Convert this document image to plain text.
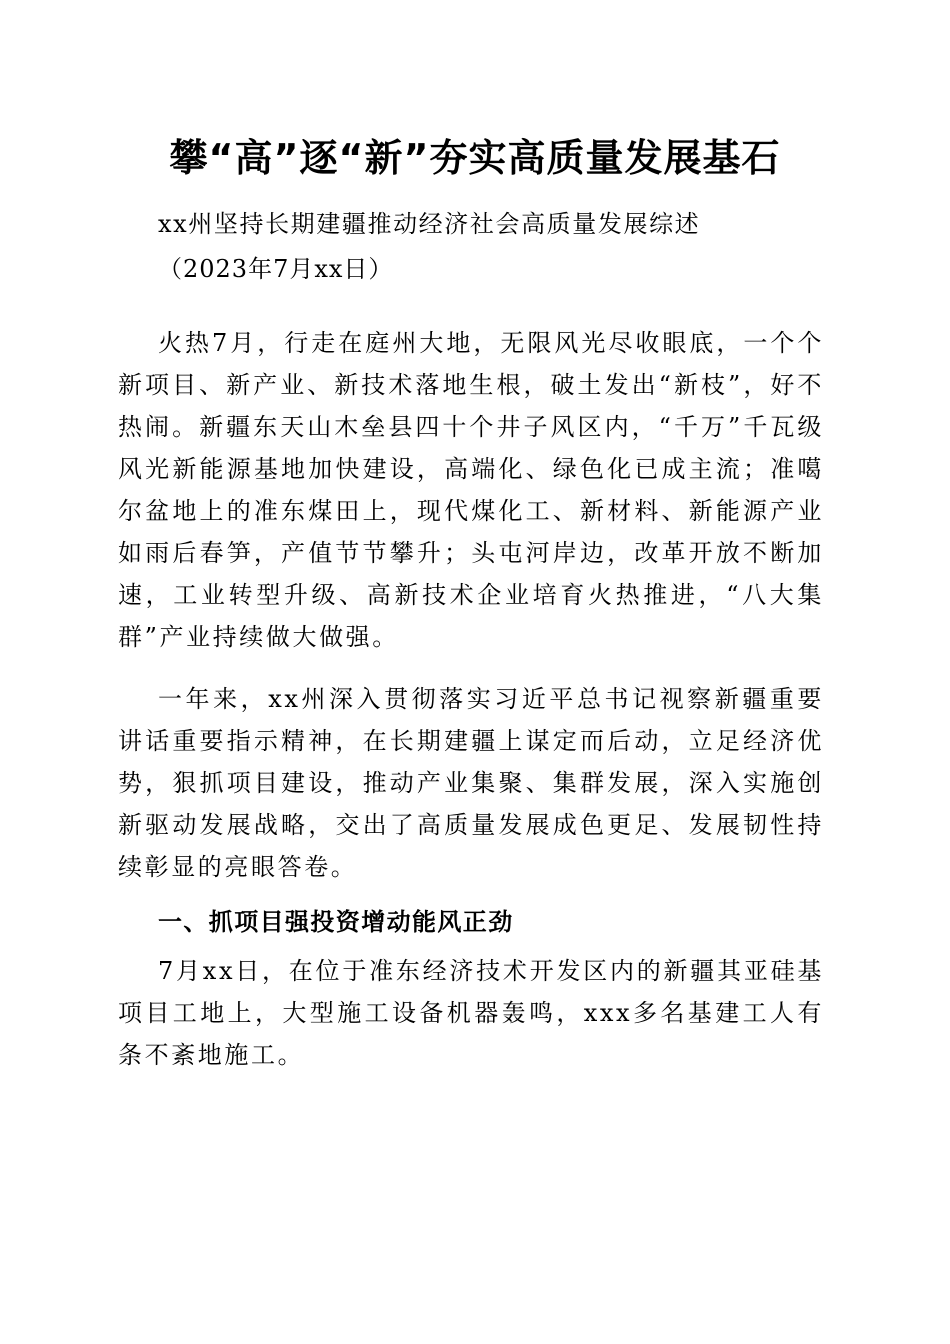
攀“高”逐“新”夯实高质量发展基石
xx州坚持长期建疆推动经济社会高质量发展综述
（2023年7月xx日）
火热7月，行走在庭州大地，无限风光尽收眼底，一个个新项目、新产业、新技术落地生根，破土发出“新枝”，好不热闹。新疆东天山木垒县四十个井子风区内，“千万”千瓦级风光新能源基地加快建设，高端化、绿色化已成主流；准噶尔盆地上的准东煤田上，现代煤化工、新材料、新能源产业如雨后春笋，产值节节攀升；头屯河岸边，改革开放不断加速，工业转型升级、高新技术企业培育火热推进，“八大集群”产业持续做大做强。
一年来，xx州深入贯彻落实习近平总书记视察新疆重要讲话重要指示精神，在长期建疆上谋定而后动，立足经济优势，狠抓项目建设，推动产业集聚、集群发展，深入实施创新驱动发展战略，交出了高质量发展成色更足、发展韧性持续彰显的亮眼答卷。
一、抓项目强投资增动能风正劲
7月xx日，在位于准东经济技术开发区内的新疆其亚硅基项目工地上，大型施工设备机器轰鸣，xxx多名基建工人有条不紊地施工。
